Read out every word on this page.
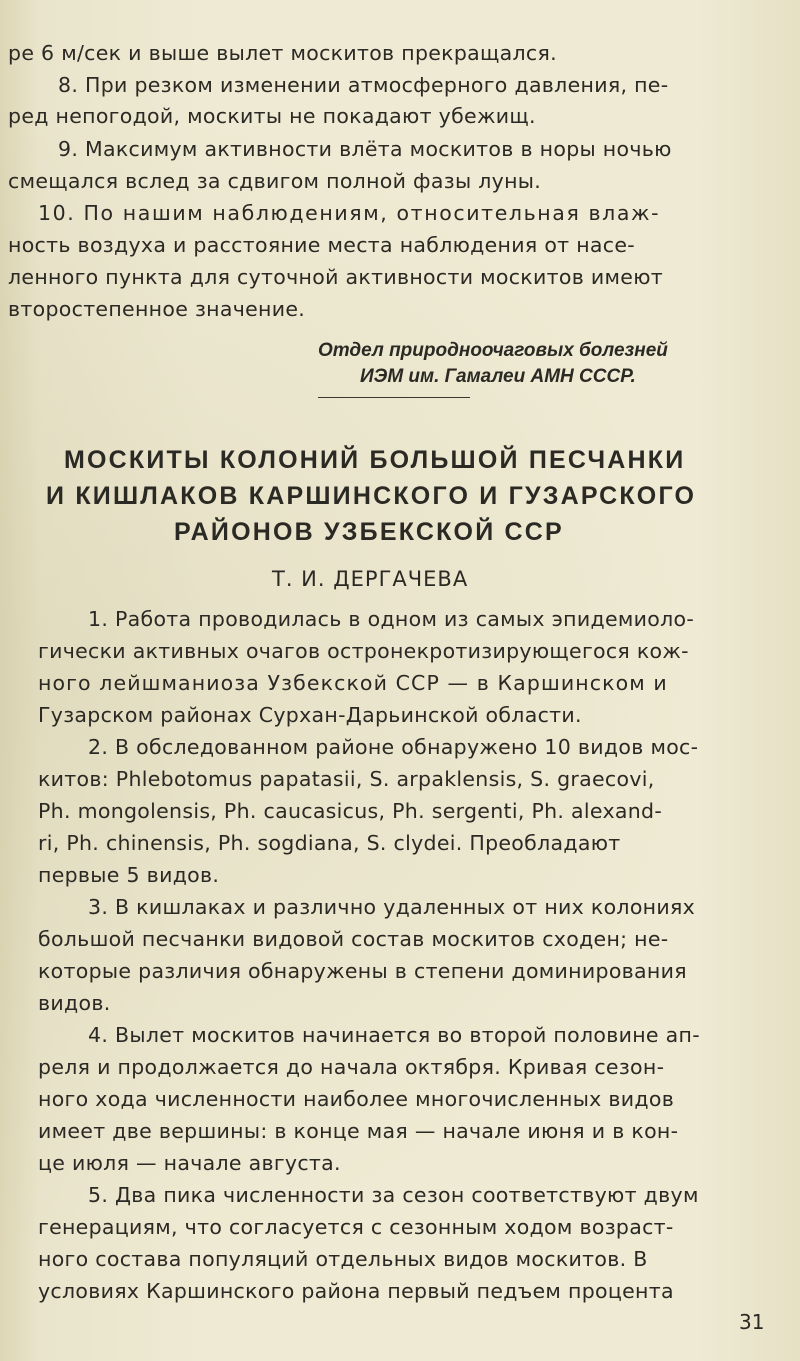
ре 6 м/сек и выше вылет москитов прекращался.
8. При резком изменении атмосферного давления, пе-
ред непогодой, москиты не покадают убежищ.
9. Максимум активности влёта москитов в норы ночью
смещался вслед за сдвигом полной фазы луны.
10. По нашим наблюдениям, относительная влаж-
ность воздуха и расстояние места наблюдения от насе-
ленного пункта для суточной активности москитов имеют
второстепенное значение.
Отдел природноочаговых болезней
ИЭМ им. Гамалеи АМН СССР.
МОСКИТЫ КОЛОНИЙ БОЛЬШОЙ ПЕСЧАНКИ
И КИШЛАКОВ КАРШИНСКОГО И ГУЗАРСКОГО
РАЙОНОВ УЗБЕКСКОЙ ССР
Т. И. ДЕРГАЧЕВА
1. Работа проводилась в одном из самых эпидемиоло-
гически активных очагов остронекротизирующегося кож-
ного лейшманиоза Узбекской ССР — в Каршинском и
Гузарском районах Сурхан-Дарьинской области.
2. В обследованном районе обнаружено 10 видов мос-
китов: Phlebotomus papatasii, S. arpaklensis, S. graecovi,
Ph. mongolensis, Ph. caucasicus, Ph. sergenti, Ph. alexand-
ri, Ph. chinensis, Ph. sogdiana, S. clydei. Преобладают
первые 5 видов.
3. В кишлаках и различно удаленных от них колониях
большой песчанки видовой состав москитов сходен; не-
которые различия обнаружены в степени доминирования
видов.
4. Вылет москитов начинается во второй половине ап-
реля и продолжается до начала октября. Кривая сезон-
ного хода численности наиболее многочисленных видов
имеет две вершины: в конце мая — начале июня и в кон-
це июля — начале августа.
5. Два пика численности за сезон соответствуют двум
генерациям, что согласуется с сезонным ходом возраст-
ного состава популяций отдельных видов москитов. В
условиях Каршинского района первый педъем процента
31
